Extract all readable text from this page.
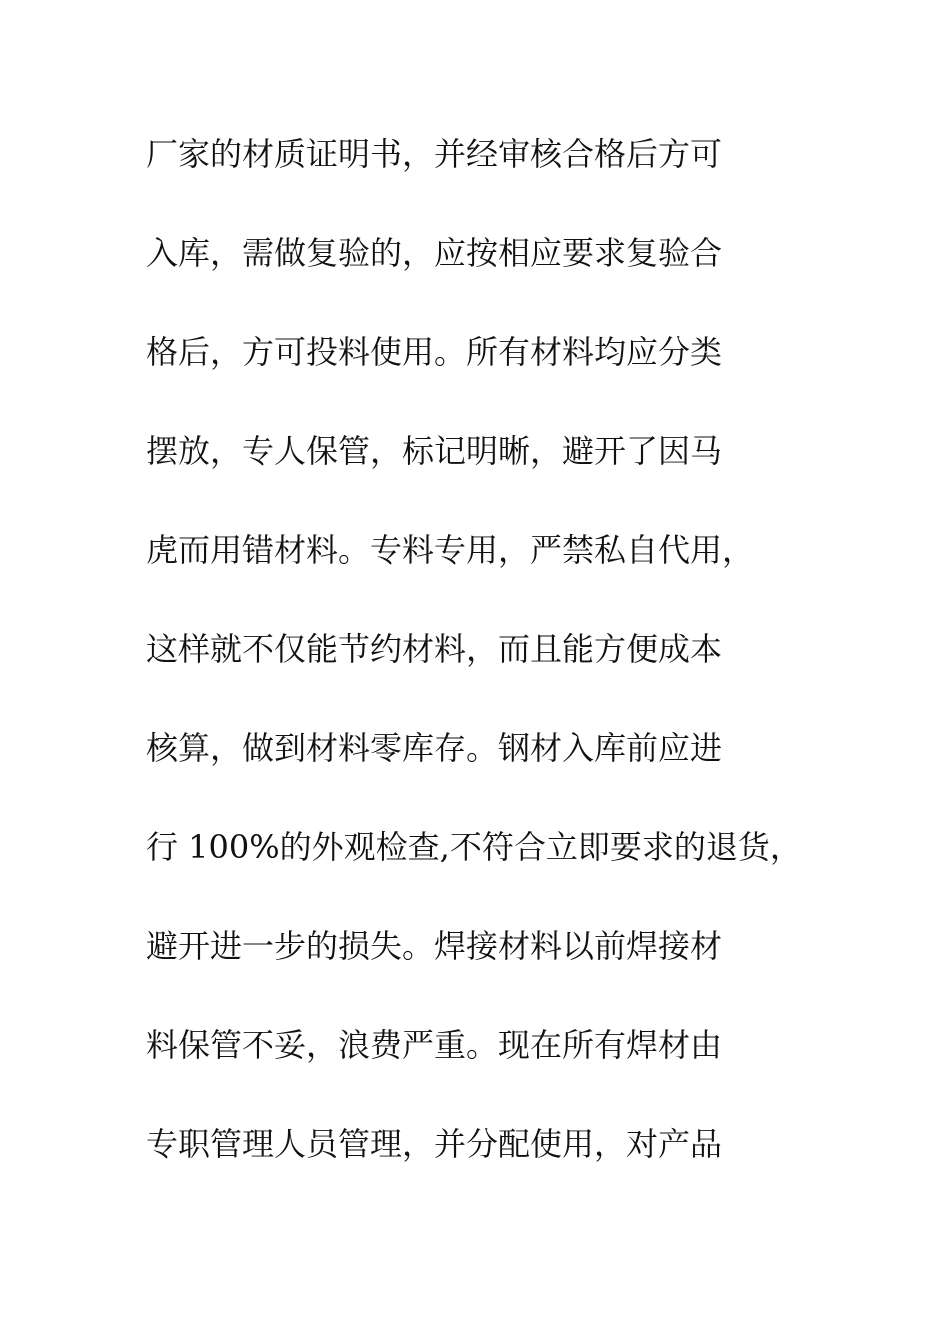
厂家的材质证明书，并经审核合格后方可
入库，需做复验的，应按相应要求复验合
格后，方可投料使用。所有材料均应分类
摆放，专人保管，标记明晰，避开了因马
虎而用错材料。专料专用，严禁私自代用，
这样就不仅能节约材料，而且能方便成本
核算，做到材料零库存。钢材入库前应进
行 100%的外观检查,不符合立即要求的退货，
避开进一步的损失。焊接材料以前焊接材
料保管不妥，浪费严重。现在所有焊材由
专职管理人员管理，并分配使用，对产品
